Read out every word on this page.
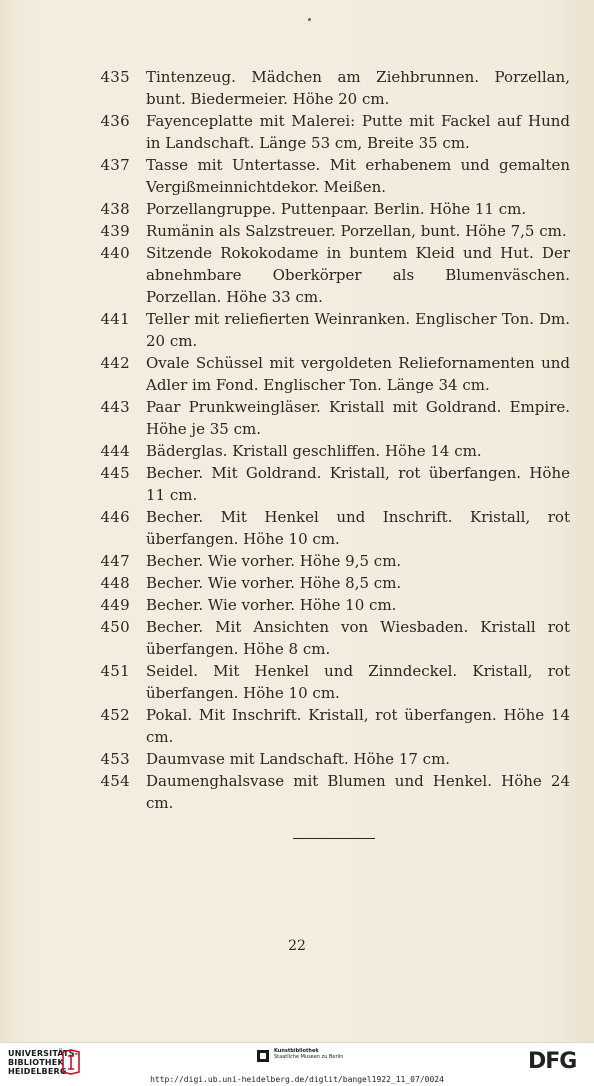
435 Tintenzeug. Mädchen am Ziehbrunnen. Porzellan, bunt. Biedermeier. Höhe 20 cm.
436 Fayenceplatte mit Malerei: Putte mit Fackel auf Hund in Landschaft. Länge 53 cm, Breite 35 cm.
437 Tasse mit Untertasse. Mit erhabenem und gemalten Vergißmeinnichtdekor. Meißen.
438 Porzellangruppe. Puttenpaar. Berlin. Höhe 11 cm.
439 Rumänin als Salzstreuer. Porzellan, bunt. Höhe 7,5 cm.
440 Sitzende Rokokodame in buntem Kleid und Hut. Der abnehmbare Oberkörper als Blumenväschen. Porzellan. Höhe 33 cm.
441 Teller mit reliefierten Weinranken. Englischer Ton. Dm. 20 cm.
442 Ovale Schüssel mit vergoldeten Reliefornamenten und Adler im Fond. Englischer Ton. Länge 34 cm.
443 Paar Prunkweingläser. Kristall mit Goldrand. Empire. Höhe je 35 cm.
444 Bäderglas. Kristall geschliffen. Höhe 14 cm.
445 Becher. Mit Goldrand. Kristall, rot überfangen. Höhe 11 cm.
446 Becher. Mit Henkel und Inschrift. Kristall, rot überfangen. Höhe 10 cm.
447 Becher. Wie vorher. Höhe 9,5 cm.
448 Becher. Wie vorher. Höhe 8,5 cm.
449 Becher. Wie vorher. Höhe 10 cm.
450 Becher. Mit Ansichten von Wiesbaden. Kristall rot überfangen. Höhe 8 cm.
451 Seidel. Mit Henkel und Zinndeckel. Kristall, rot überfangen. Höhe 10 cm.
452 Pokal. Mit Inschrift. Kristall, rot überfangen. Höhe 14 cm.
453 Daumvase mit Landschaft. Höhe 17 cm.
454 Daumenghalsvase mit Blumen und Henkel. Höhe 24 cm.
22
UNIVERSITÄTS-
BIBLIOTHEK
HEIDELBERG
Kunstbibliothek
Staatliche Museen zu Berlin	DFG
http://digi.ub.uni-heidelberg.de/diglit/bangel1922_11_07/0024
